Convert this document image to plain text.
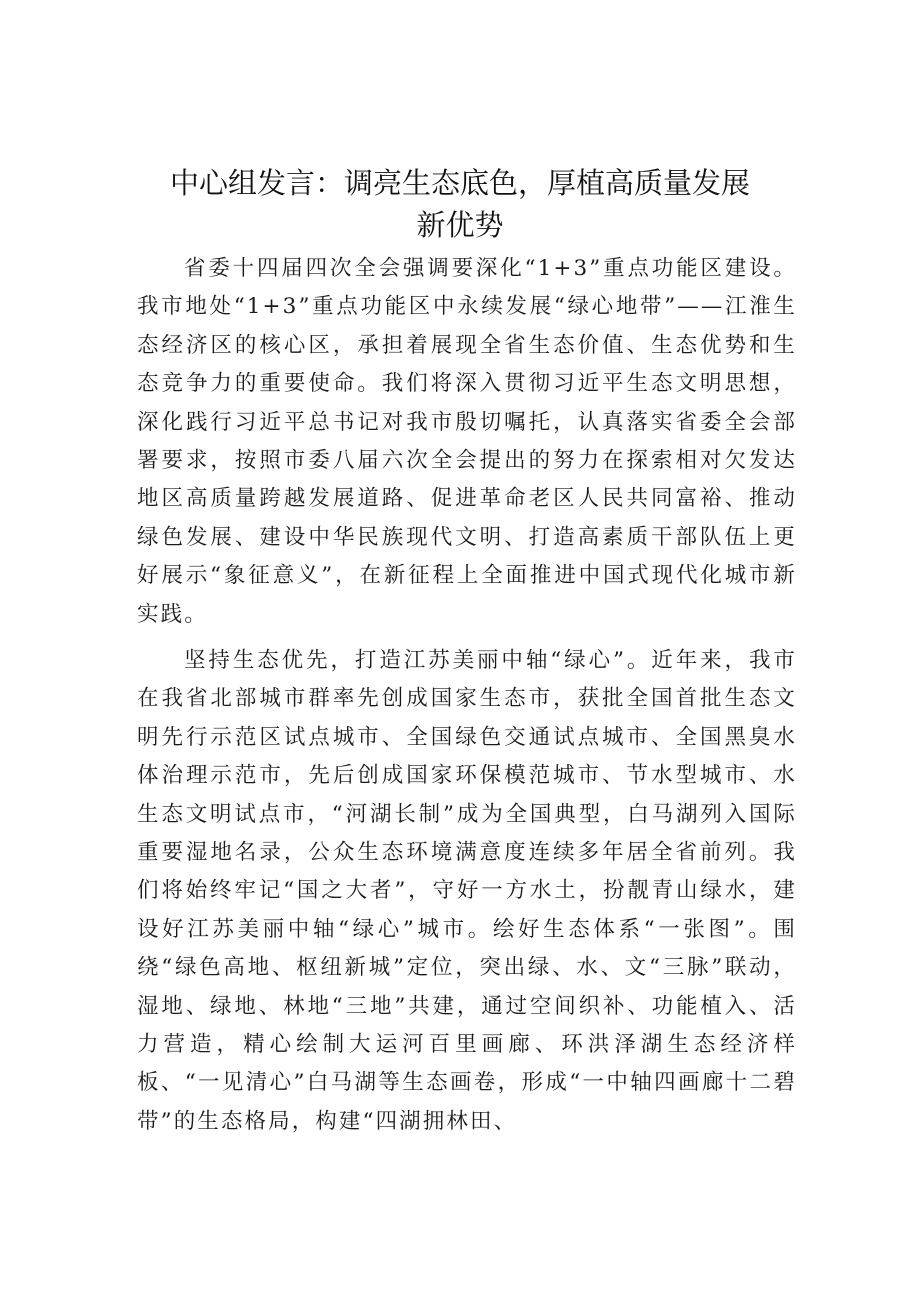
中心组发言：调亮生态底色，厚植高质量发展
新优势

省委十四届四次全会强调要深化“1+3”重点功能区建设。我市地处“1+3”重点功能区中永续发展“绿心地带”——江淮生态经济区的核心区，承担着展现全省生态价值、生态优势和生态竞争力的重要使命。我们将深入贯彻习近平生态文明思想，深化践行习近平总书记对我市殷切嘱托，认真落实省委全会部署要求，按照市委八届六次全会提出的努力在探索相对欠发达地区高质量跨越发展道路、促进革命老区人民共同富裕、推动绿色发展、建设中华民族现代文明、打造高素质干部队伍上更好展示“象征意义”，在新征程上全面推进中国式现代化城市新实践。

坚持生态优先，打造江苏美丽中轴“绿心”。近年来，我市在我省北部城市群率先创成国家生态市，获批全国首批生态文明先行示范区试点城市、全国绿色交通试点城市、全国黑臭水体治理示范市，先后创成国家环保模范城市、节水型城市、水生态文明试点市，“河湖长制”成为全国典型，白马湖列入国际重要湿地名录，公众生态环境满意度连续多年居全省前列。我们将始终牢记“国之大者”，守好一方水土，扮靓青山绿水，建设好江苏美丽中轴“绿心”城市。绘好生态体系“一张图”。围绕“绿色高地、枢纽新城”定位，突出绿、水、文“三脉”联动，湿地、绿地、林地“三地”共建，通过空间织补、功能植入、活力营造，精心绘制大运河百里画廊、环洪泽湖生态经济样板、“一见清心”白马湖等生态画卷，形成“一中轴四画廊十二碧带”的生态格局，构建“四湖拥林田、
